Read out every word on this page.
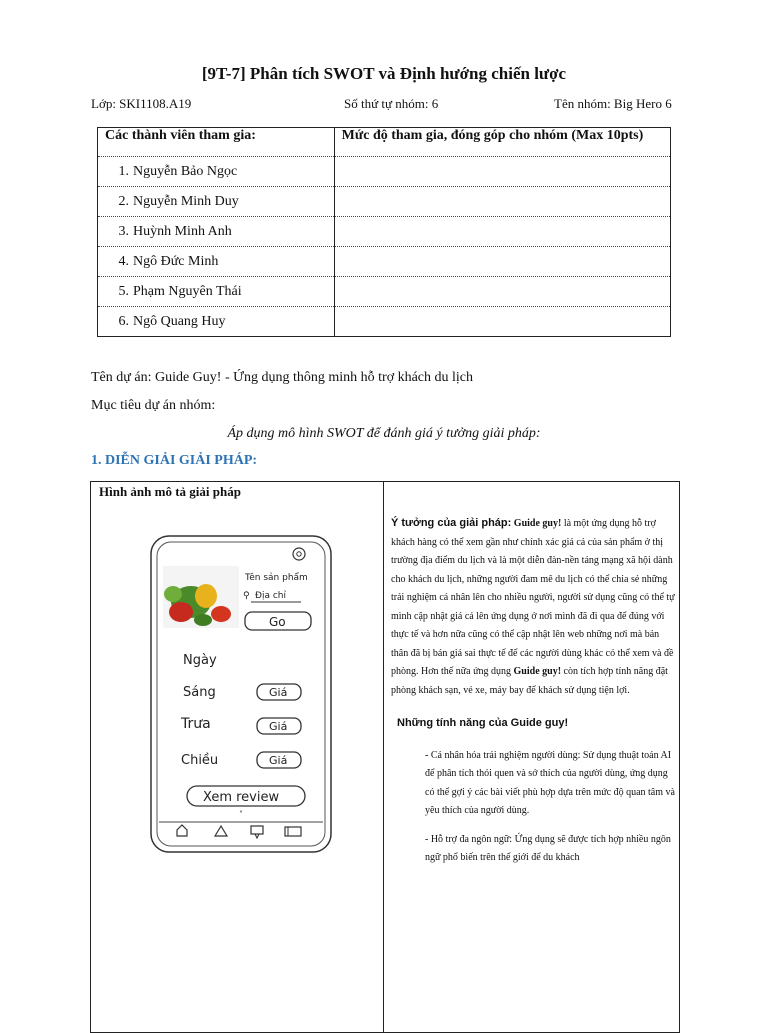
[9T-7] Phân tích SWOT và Định hướng chiến lược
Lớp: SKI1108.A19	Số thứ tự nhóm: 6	Tên nhóm: Big Hero 6
Các thành viên tham gia:	Mức độ tham gia, đóng góp cho nhóm (Max 10pts)
1. Nguyễn Bảo Ngọc	
2. Nguyễn Minh Duy	
3. Huỳnh Minh Anh	
4. Ngô Đức Minh	
5. Phạm Nguyên Thái	
6. Ngô Quang Huy	
Tên dự án: Guide Guy! - Ứng dụng thông minh hỗ trợ khách du lịch
Mục tiêu dự án nhóm:
Áp dụng mô hình SWOT để đánh giá ý tưởng giải pháp:
1. DIỄN GIẢI GIẢI PHÁP:
Hình ảnh mô tả giải pháp
Tên sản phẩm
⚲ Địa chỉ
Go
Ngày
Sáng	Giá
Trưa	Giá
Chiều	Giá
Xem review
˅
Ý tưởng của giải pháp: Guide guy! là một ứng dụng hỗ trợ khách hàng có thể xem gần như chính xác giá cả của sản phẩm ở thị trường địa điểm du lịch và là một diễn đàn-nền tảng mạng xã hội dành cho khách du lịch, những người đam mê du lịch có thể chia sẻ những trải nghiệm cá nhân lên cho nhiều người, người sử dụng cũng có thể tự mình cập nhật giá cả lên ứng dụng ở nơi mình đã đi qua để đúng với thực tế và hơn nữa cũng có thể cập nhật lên web những nơi mà bản thân đã bị bán giá sai thực tế để các người dùng khác có thể xem và đề phòng. Hơn thế nữa ứng dụng Guide guy! còn tích hợp tính năng đặt phòng khách sạn, vé xe, máy bay để khách sử dụng tiện lợi.
Những tính năng của Guide guy!
- Cá nhân hóa trải nghiệm người dùng: Sử dụng thuật toán AI để phân tích thói quen và sở thích của người dùng, ứng dụng có thể gợi ý các bài viết phù hợp dựa trên mức độ quan tâm và yêu thích của người dùng.
- Hỗ trợ đa ngôn ngữ: Ứng dụng sẽ được tích hợp nhiều ngôn ngữ phổ biến trên thế giới để du khách
